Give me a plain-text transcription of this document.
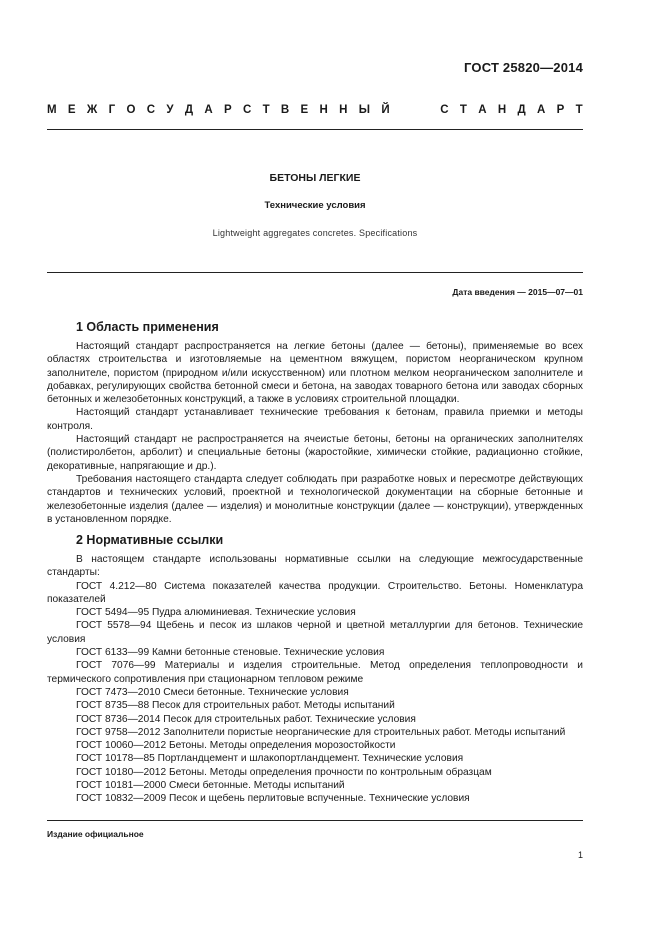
ГОСТ 25820—2014
М Е Ж Г О С У Д А Р С Т В Е Н Н Ы Й	С Т А Н Д А Р Т
БЕТОНЫ ЛЕГКИЕ
Технические условия
Lightweight aggregates concretes. Specifications
Дата введения — 2015—07—01
1 Область применения

Настоящий стандарт распространяется на легкие бетоны (далее — бетоны), применяемые во всех областях строительства и изготовляемые на цементном вяжущем, пористом неорганическом крупном заполнителе, пористом (природном и/или искусственном) или плотном мелком неорганическом заполнителе и добавках, регулирующих свойства бетонной смеси и бетона, на заводах товарного бетона или заводах сборных бетонных и железобетонных конструкций, а также в условиях строительной площадки.

Настоящий стандарт устанавливает технические требования к бетонам, правила приемки и методы контроля.

Настоящий стандарт не распространяется на ячеистые бетоны, бетоны на органических заполнителях (полистиролбетон, арболит) и специальные бетоны (жаростойкие, химически стойкие, радиационно стойкие, декоративные, напрягающие и др.).

Требования настоящего стандарта следует соблюдать при разработке новых и пересмотре действующих стандартов и технических условий, проектной и технологической документации на сборные бетонные и железобетонные изделия (далее — изделия) и монолитные конструкции (далее — конструкции), утвержденных в установленном порядке.

2 Нормативные ссылки

В настоящем стандарте использованы нормативные ссылки на следующие межгосударственные стандарты:

ГОСТ 4.212—80 Система показателей качества продукции. Строительство. Бетоны. Номенклатура показателей

ГОСТ 5494—95 Пудра алюминиевая. Технические условия

ГОСТ 5578—94 Щебень и песок из шлаков черной и цветной металлургии для бетонов. Технические условия

ГОСТ 6133—99 Камни бетонные стеновые. Технические условия

ГОСТ 7076—99 Материалы и изделия строительные. Метод определения теплопроводности и термического сопротивления при стационарном тепловом режиме

ГОСТ 7473—2010 Смеси бетонные. Технические условия

ГОСТ 8735—88 Песок для строительных работ. Методы испытаний

ГОСТ 8736—2014 Песок для строительных работ. Технические условия

ГОСТ 9758—2012 Заполнители пористые неорганические для строительных работ. Методы испытаний

ГОСТ 10060—2012 Бетоны. Методы определения морозостойкости

ГОСТ 10178—85 Портландцемент и шлакопортландцемент. Технические условия

ГОСТ 10180—2012 Бетоны. Методы определения прочности по контрольным образцам

ГОСТ 10181—2000 Смеси бетонные. Методы испытаний

ГОСТ 10832—2009 Песок и щебень перлитовые вспученные. Технические условия

Издание официальное
1
